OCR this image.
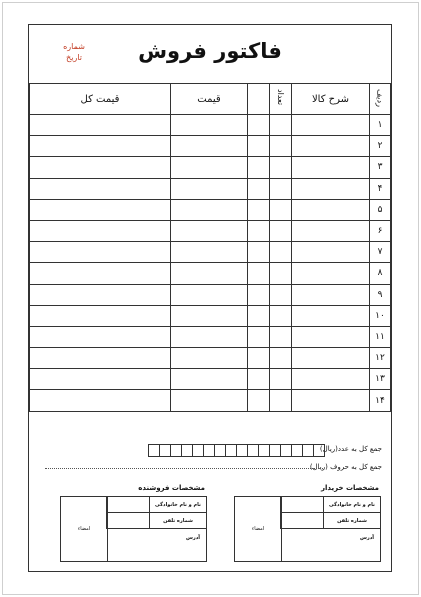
فاکتور فروش
شماره
تاریخ
ردیف	شرح کالا	تعداد		قیمت	قیمت کل
۱					
۲					
۳					
۴					
۵					
۶					
۷					
۸					
۹					
۱۰					
۱۱					
۱۲					
۱۳					
۱۴					
جمع کل به عدد(ریال)
جمع کل به حروف (ریال)
مشخصات خریدار
نام و نام خانوادگی
شماره تلفن
آدرس
امضاء
مشخصات فروشنده
نام و نام خانوادگی
شماره تلفن
آدرس
امضاء
